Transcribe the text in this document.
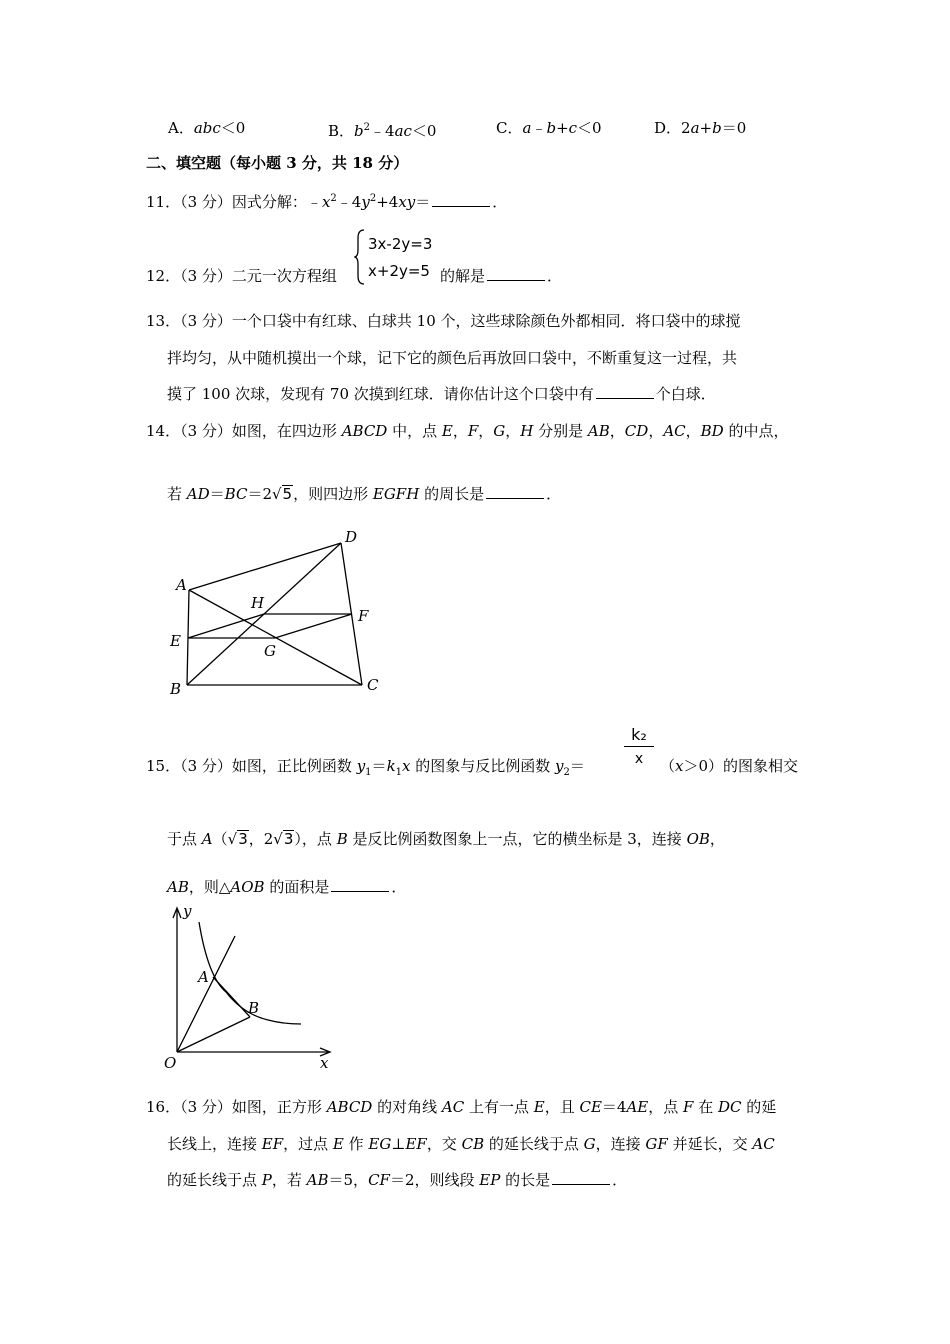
A．abc＜0	B．$b^2﹣4ac<0$	C．a﹣b+c＜0	D．2a+b＝0
二、填空题（每小题 3 分，共 18 分）
11．（3 分）因式分解：$﹣x^2﹣4y^2+4xy=$	．
12．（3 分）二元一次方程组
3x-2y=3
x+2y=5 的解是	．
13．（3 分）一个口袋中有红球、白球共 10 个，这些球除颜色外都相同．将口袋中的球搅
拌均匀，从中随机摸出一个球，记下它的颜色后再放回口袋中，不断重复这一过程，共
摸了 100 次球，发现有 70 次摸到红球．请你估计这个口袋中有	个白球．
14．（3 分）如图，在四边形 ABCD 中，点 E，F，G，H 分别是 AB，CD，AC，BD 的中点，
若 AD＝BC＝2√5，则四边形 EGFH 的周长是	．
A
D
H
F
E
G
B	C
k₂
x
15．（3 分）如图，正比例函数 $y_1=k_1x$ 的图象与反比例函数 $y_2=$	（x＞0）的图象相交
于点 A（√3，2√3），点 B 是反比例函数图象上一点，它的横坐标是 3，连接 OB，
AB，则△AOB 的面积是	．
y
x
O
A
B
16．（3 分）如图，正方形 ABCD 的对角线 AC 上有一点 E，且 CE＝4AE，点 F 在 DC 的延
长线上，连接 EF，过点 E 作 EG⊥EF，交 CB 的延长线于点 G，连接 GF 并延长，交 AC
的延长线于点 P，若 AB＝5，CF＝2，则线段 EP 的长是	．
